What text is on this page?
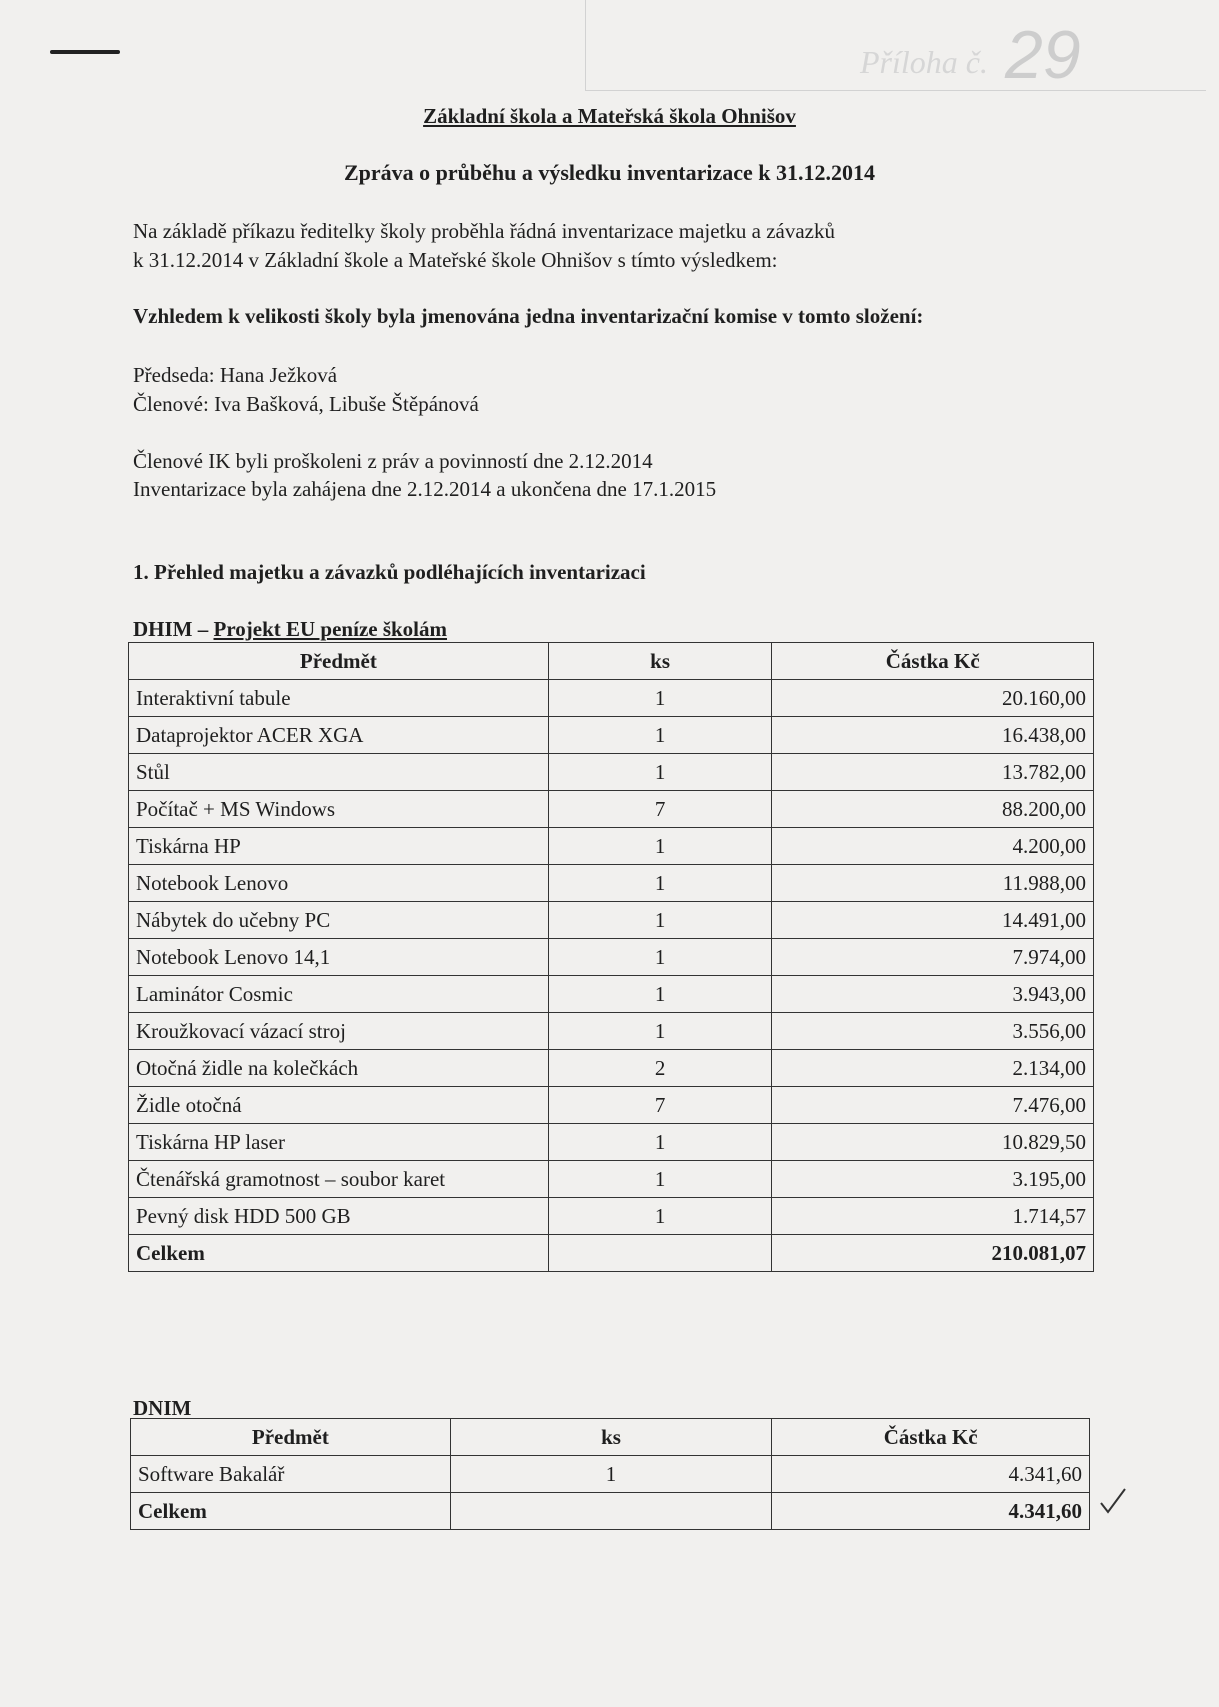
Příloha č. 29
Základní škola a Mateřská škola Ohnišov
Zpráva o průběhu a výsledku inventarizace k 31.12.2014
Na základě příkazu ředitelky školy proběhla řádná inventarizace majetku a závazků
k 31.12.2014 v Základní škole a Mateřské škole Ohnišov s tímto výsledkem:
Vzhledem k velikosti školy byla jmenována jedna inventarizační komise v tomto složení:
Předseda: Hana Ježková
Členové: Iva Bašková, Libuše Štěpánová
Členové IK byli proškoleni z práv a povinností dne 2.12.2014
Inventarizace byla zahájena dne 2.12.2014 a ukončena dne 17.1.2015
1. Přehled majetku a závazků podléhajících inventarizaci
DHIM – Projekt EU peníze školám
Předmět	ks	Částka Kč
Interaktivní tabule	1	20.160,00
Dataprojektor ACER XGA	1	16.438,00
Stůl	1	13.782,00
Počítač + MS Windows	7	88.200,00
Tiskárna HP	1	4.200,00
Notebook Lenovo	1	11.988,00
Nábytek do učebny PC	1	14.491,00
Notebook Lenovo 14,1	1	7.974,00
Laminátor Cosmic	1	3.943,00
Kroužkovací vázací stroj	1	3.556,00
Otočná židle na kolečkách	2	2.134,00
Židle otočná	7	7.476,00
Tiskárna HP laser	1	10.829,50
Čtenářská gramotnost – soubor karet	1	3.195,00
Pevný disk HDD 500 GB	1	1.714,57
Celkem		210.081,07
DNIM
Předmět	ks	Částka Kč
Software Bakalář	1	4.341,60
Celkem		4.341,60
